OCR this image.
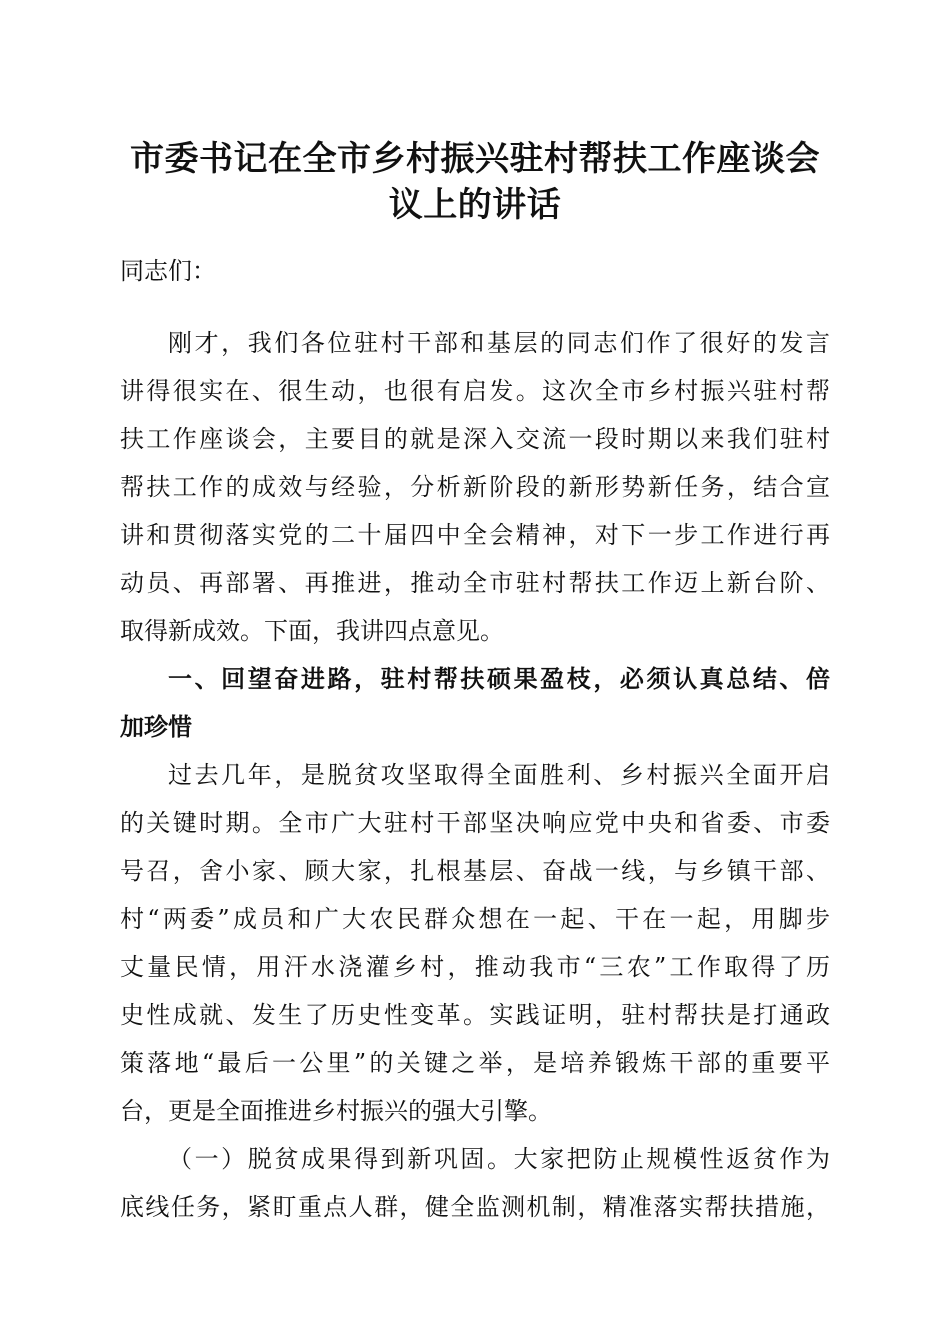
市委书记在全市乡村振兴驻村帮扶工作座谈会
议上的讲话
同志们：
刚才，我们各位驻村干部和基层的同志们作了很好的发言
讲得很实在、很生动，也很有启发。这次全市乡村振兴驻村帮
扶工作座谈会，主要目的就是深入交流一段时期以来我们驻村
帮扶工作的成效与经验，分析新阶段的新形势新任务，结合宣
讲和贯彻落实党的二十届四中全会精神，对下一步工作进行再
动员、再部署、再推进，推动全市驻村帮扶工作迈上新台阶、
取得新成效。下面，我讲四点意见。
一、回望奋进路，驻村帮扶硕果盈枝，必须认真总结、倍
加珍惜
过去几年，是脱贫攻坚取得全面胜利、乡村振兴全面开启
的关键时期。全市广大驻村干部坚决响应党中央和省委、市委
号召，舍小家、顾大家，扎根基层、奋战一线，与乡镇干部、
村“两委”成员和广大农民群众想在一起、干在一起，用脚步
丈量民情，用汗水浇灌乡村，推动我市“三农”工作取得了历
史性成就、发生了历史性变革。实践证明，驻村帮扶是打通政
策落地“最后一公里”的关键之举，是培养锻炼干部的重要平
台，更是全面推进乡村振兴的强大引擎。
（一）脱贫成果得到新巩固。大家把防止规模性返贫作为
底线任务，紧盯重点人群，健全监测机制，精准落实帮扶措施，
